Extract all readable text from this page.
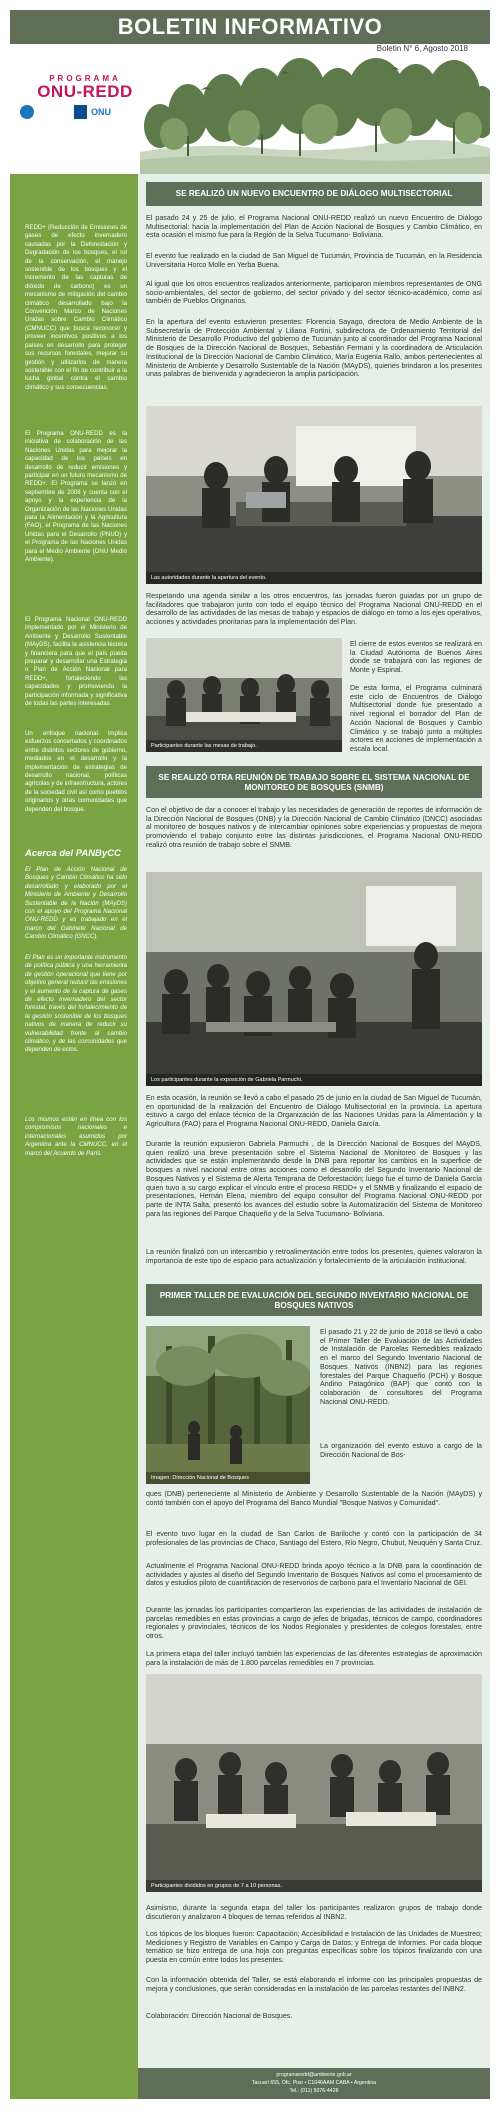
BOLETIN INFORMATIVO
Boletin N° 6, Agosto 2018
PROGRAMA
ONU-REDD
ONU

REDD+ (Reducción de Emisiones de gases de efecto invernadero causadas por la Deforestación y Degradación de los bosques, el rol de la conservación, el manejo sostenible de los bosques y el incremento de las capturas de dióxido de carbono) es un mecanismo de mitigación del cambio climático desarrollado bajo la Convención Marco de Naciones Unidas sobre Cambio Climático (CMNUCC) que busca reconocer y proveer incentivos positivos a los países en desarrollo para proteger sus recursos forestales, mejorar su gestión y utilizarlos de manera sostenible con el fin de contribuir a la lucha global contra el cambio climático y sus consecuencias.

El Programa ONU-REDD es la iniciativa de colaboración de las Naciones Unidas para mejorar la capacidad de los países en desarrollo de reducir emisiones y participar en un futuro mecanismo de REDD+. El Programa se lanzó en septiembre de 2008 y cuenta con el apoyo y la experiencia de la Organización de las Naciones Unidas para la Alimentación y la Agricultura (FAO), el Programa de las Naciones Unidas para el Desarrollo (PNUD) y el Programa de las Naciones Unidas para el Medio Ambiente (ONU Medio Ambiente).

El Programa Nacional ONU-REDD implementado por el Ministerio de Ambiente y Desarrollo Sustentable (MAyDS), facilita la asistencia técnica y financiera para que el país pueda preparar y desarrollar una Estrategia o Plan de Acción Nacional para REDD+, fortaleciendo las capacidades y promoviendo la participación informada y significativa de todas las partes interesadas.

Un enfoque nacional implica esfuerzos concertados y coordinados entre distintos sectores de gobierno, mediados en el desarrollo y la implementación de estrategias de desarrollo nacional, políticas agrícolas y de infraestructura, actores de la sociedad civil así como pueblos originarios y otras comunidades que dependen del bosque.

Acerca del PANByCC

El Plan de Acción Nacional de Bosques y Cambio Climático ha sido desarrollado y elaborado por el Ministerio de Ambiente y Desarrollo Sustentable de la Nación (MAyDS) con el apoyo del Programa Nacional ONU-REDD y es trabajado en el marco del Gabinete Nacional de Cambio Climático (GNCC).

El Plan es un importante instrumento de política pública y una herramienta de gestión operacional que tiene por objetivo general reducir las emisiones y el aumento de la captura de gases de efecto invernadero del sector forestal, través del fortalecimiento de la gestión sostenible de los bosques nativos de manera de reducir su vulnerabilidad frente al cambio climático, y de las comunidades que dependen de estos.

Los mismos están en línea con los compromisos nacionales e internacionales asumidos por Argentina ante la CMNUCC, en el marco del Acuerdo de París.

SE REALIZÓ UN NUEVO ENCUENTRO DE DIÁLOGO MULTISECTORIAL

El pasado 24 y 25 de julio, el Programa Nacional ONU-REDD realizó un nuevo Encuentro de Diálogo Multisectorial: hacia la implementación del Plan de Acción Nacional de Bosques y Cambio Climático, en esta ocasión el mismo fue para la Región de la Selva Tucumano- Boliviana.

El evento fue realizado en la ciudad de San Miguel de Tucumán, Provincia de Tucumán, en la Residencia Universitaria Horco Molle en Yerba Buena.

Al igual que los otros encuentros realizados anteriormente, participaron miembros representantes de ONG socio-ambientales, del sector de gobierno, del sector privado y del sector técnico-académico, como así también de Pueblos Originarios.

En la apertura del evento estuvieron presentes: Florencia Sayago, directora de Medio Ambiente de la Subsecretaría de Protección Ambiental y Liliana Fortini, subdirectora de Ordenamiento Territorial del Ministerio de Desarrollo Productivo del gobierno de Tucumán junto al coordinador del Programa Nacional de Bosques de la Dirección Nacional de Bosques, Sebastián Fermani y la coordinadora de Articulación Institucional de la Dirección Nacional de Cambio Climático, María Eugenia Rallo, ambos pertenecientes al Ministerio de Ambiente y Desarrollo Sustentable de la Nación (MAyDS), quienes brindaron a los presentes unas palabras de bienvenida y agradecieron la amplia participación.

Las autoridades durante la apertura del evento.

Respetando una agenda similar a los otros encuentros, las jornadas fueron guiadas por un grupo de facilitadores que trabajaron junto con todo el equipo técnico del Programa Nacional ONU-REDD en el desarrollo de las actividades de las mesas de trabajo y espacios de diálogo en torno a los ejes operativos, acciones y actividades prioritarias para la implementación del Plan.

Participantes durante las mesas de trabajo.

El cierre de estos eventos se realizará en la Ciudad Autónoma de Buenos Aires donde se trabajará con las regiones de Monte y Espinal.

De esta forma, el Programa culminará este ciclo de Encuentros de Diálogo Multisectorial donde fue presentado a nivel regional el borrador del Plan de Acción Nacional de Bosques y Cambio Climático y se trabajó junto a múltiples actores en acciones de implementación a escala local.

SE REALIZÓ OTRA REUNIÓN DE TRABAJO SOBRE EL SISTEMA NACIONAL DE MONITOREO DE BOSQUES (SNMB)

Con el objetivo de dar a conocer el trabajo y las necesidades de generación de reportes de información de la Dirección Nacional de Bosques (DNB) y la Dirección Nacional de Cambio Climático (DNCC) asociadas al monitoreo de bosques nativos y de intercambiar opiniones sobre experiencias y propuestas de mejora promoviendo el trabajo conjunto entre las distintas jurisdicciones, el Programa Nacional ONU-REDD realizó otra reunión de trabajo sobre el SNMB.

Los participantes durante la exposición de Gabriela Parmuchi.

En esta ocasión, la reunión se llevó a cabo el pasado 25 de junio en la ciudad de San Miguel de Tucumán, en oportunidad de la realización del Encuentro de Diálogo Multisectorial en la provincia. La apertura estuvo a cargo del enlace técnico de la Organización de las Naciones Unidas para la Alimentación y la Agricultura (FAO) para el Programa Nacional ONU-REDD, Daniela García.

Durante la reunión expusieron Gabriela Parmuchi , de la Dirección Nacional de Bosques del MAyDS, quien realizó una breve presentación sobre el Sistema Nacional de Monitoreo de Bosques y las actividades que se están implementando desde la DNB para reportar los cambios en la superficie de bosques a nivel nacional entre otras acciones como el desarrollo del Segundo Inventario Nacional de Bosques Nativos y el Sistema de Alerta Temprana de Deforestación; luego fue el turno de Daniela García quien tuvo a su cargo explicar el vínculo entre el proceso REDD+ y el SNMB y finalizando el espacio de presentaciones, Hernán Elena, miembro del equipo consultor del Programa Nacional ONU-REDD por parte de INTA Salta, presentó los avances del estudio sobre la Automatización del Sistema de Monitoreo para las regiones del Parque Chaqueño y de la Selva Tucumano- Boliviana.

La reunión finalizó con un intercambio y retroalimentación entre todos los presentes, quienes valoraron la importancia de este tipo de espacio para actualización y fortalecimiento de la articulación institucional.

PRIMER TALLER DE EVALUACIÓN DEL SEGUNDO INVENTARIO NACIONAL DE BOSQUES NATIVOS
Imagen: Dirección Nacional de Bosques

El pasado 21 y 22 de junio de 2018 se llevó a cabo el Primer Taller de Evaluación de las Actividades de Instalación de Parcelas Remedibles realizado en el marco del Segundo Inventario Nacional de Bosques Nativos (INBN2) para las regiones forestales del Parque Chaqueño (PCH) y Bosque Andino Patagónico (BAP) que contó con la colaboración de consultores del Programa Nacional ONU-REDD.

La organización del evento estuvo a cargo de la Dirección Nacional de Bos-

ques (DNB) perteneciente al Ministerio de Ambiente y Desarrollo Sustentable de la Nación (MAyDS) y contó también con el apoyo del Programa del Banco Mundial "Bosque Nativos y Comunidad".

El evento tuvo lugar en la ciudad de San Carlos de Bariloche y contó con la participación de 34 profesionales de las provincias de Chaco, Santiago del Estero, Río Negro, Chubut, Neuquén y Santa Cruz.

Actualmente el Programa Nacional ONU-REDD brinda apoyo técnico a la DNB para la coordinación de actividades y ajustes al diseño del Segundo Inventario de Bosques Nativos así como el procesamiento de datos y estudios piloto de cuantificación de reservorios de carbono para el Inventario Nacional de GEI.

Durante las jornadas los participantes compartieron las experiencias de las actividades de instalación de parcelas remedibles en estas provincias a cargo de jefes de brigadas, técnicos de campo, coordinadores regionales y provinciales, técnicos de los Nodos Regionales y presidentes de colegios forestales, entre otros.

La primera etapa del taller incluyó también las experiencias de las diferentes estrategias de aproximación para la instalación de más de 1.800 parcelas remedibles en 7 provincias.

Participantes divididos en grupos de 7 a 10 personas.

Asimismo, durante la segunda etapa del taller los participantes realizaron grupos de trabajo donde discutieron y analizaron 4 bloques de temas referidos al INBN2.

Los tópicos de los bloques fueron: Capacitación; Accesibilidad e Instalación de las Unidades de Muestreo; Mediciones y Registro de Variables en Campo y Carga de Datos; y Entrega de Informes. Por cada bloque temático se hizo entrega de una hoja con preguntas específicas sobre los tópicos finalizando con una puesta en común entre todos los presentes.

Con la información obtenida del Taller, se está elaborando el informe con las principales propuestas de mejora y conclusiones, que serán consideradas en la instalación de las parcelas restantes del INBN2.

Colaboración: Dirección Nacional de Bosques.

programaredd@ambiente.gob.ar
Tacuarí 655, Ofc. Piso • C1046AAM CABA • Argentina
Tel.: (011) 5076-4428
